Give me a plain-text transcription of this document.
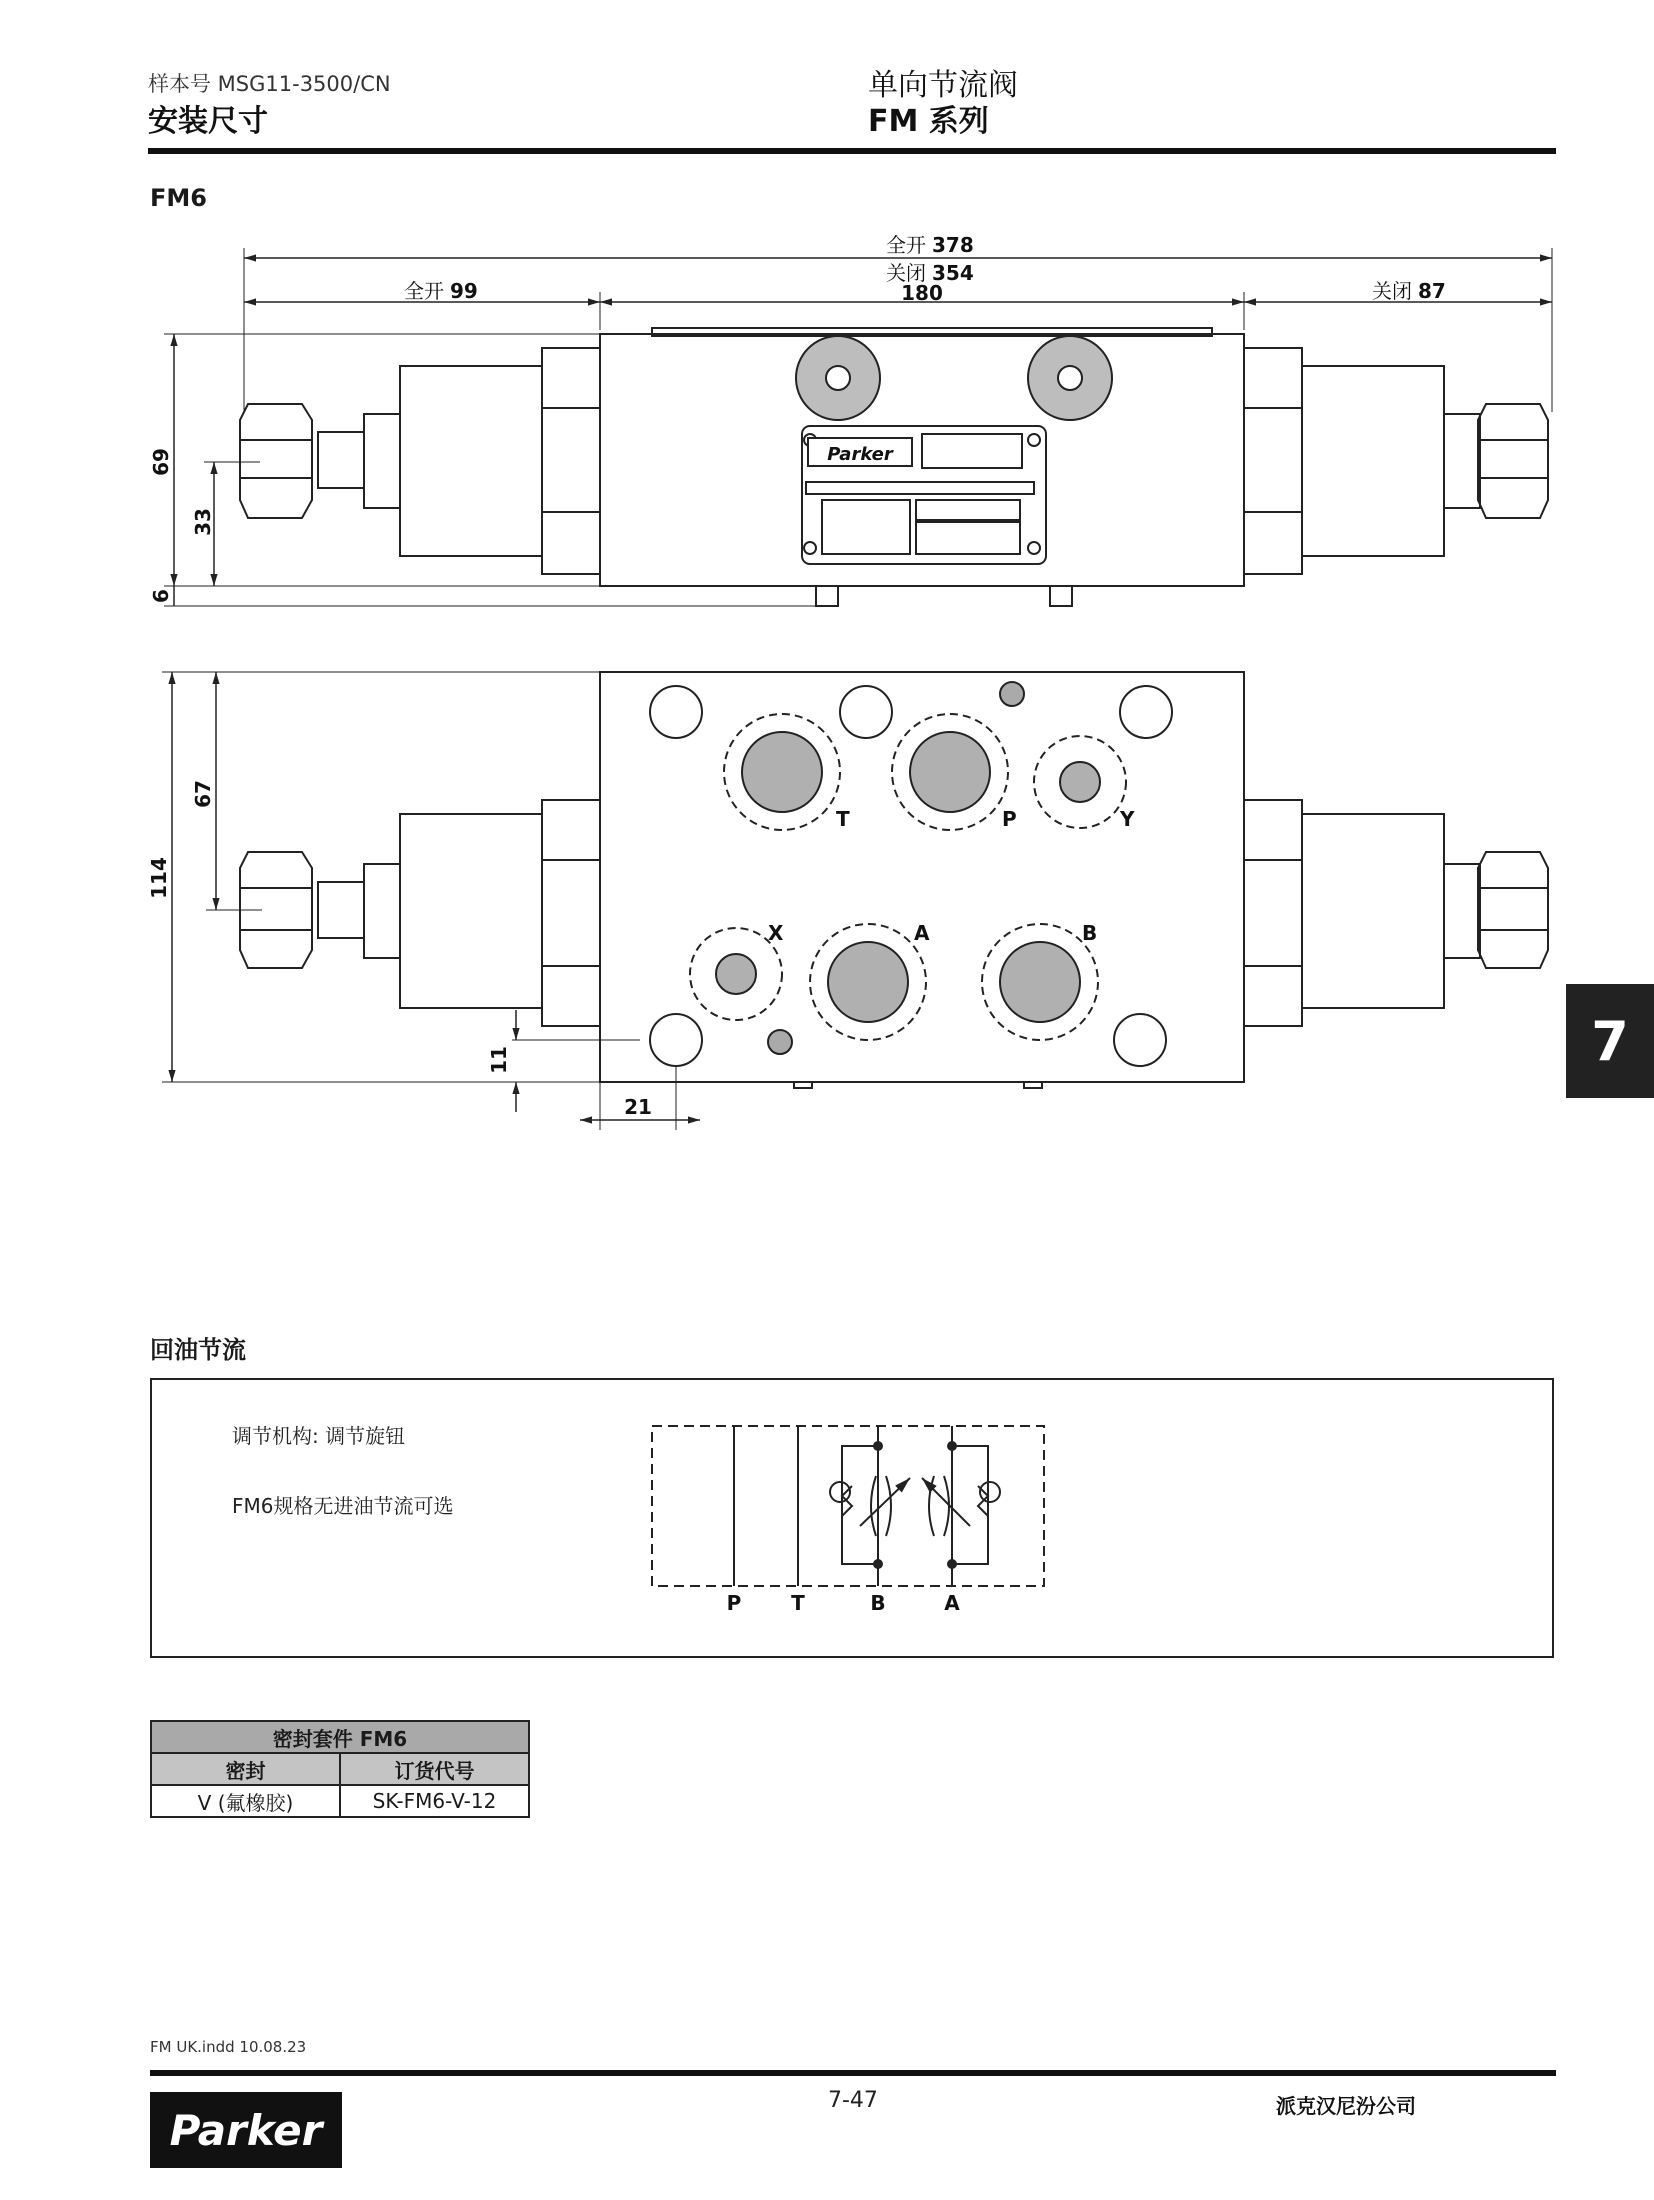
样本号 MSG11-3500/CN
安装尺寸
单向节流阀
FM 系列
7
FM6
Parker
全开 378
关闭 354
180
全开 99	关闭 87
69
33
6
T	P	Y
X	A	B
114
67
11
21
回油节流
调节机构: 调节旋钮
FM6规格无进油节流可选
P T	B	A
密封套件 FM6	
密封	订货代号
V (氟橡胶)	SK-FM6-V-12
FM UK.indd 10.08.23
7-47	派克汉尼汾公司
Parker
